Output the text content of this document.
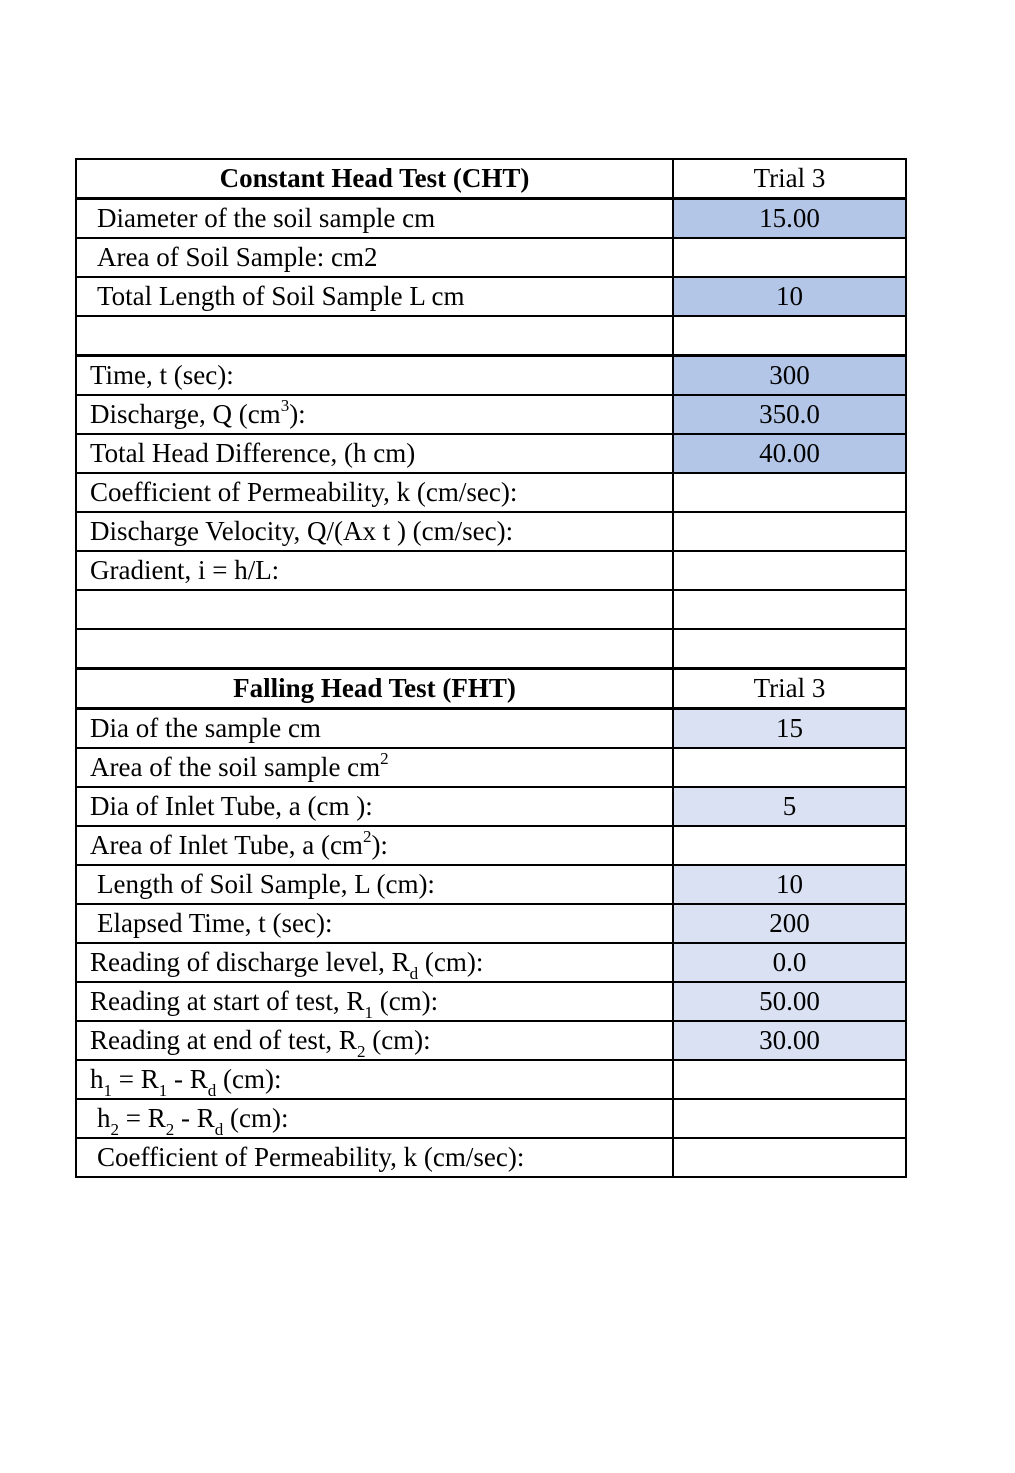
Constant Head Test (CHT)	Trial 3
Diameter of the soil sample cm	15.00
Area of Soil Sample: cm2	
Total Length of Soil Sample L cm	10

Time, t (sec):	300
Discharge, Q $(cm^3)$:	350.0
Total Head Difference, (h cm)	40.00
Coefficient of Permeability, k (cm/sec):	
Discharge Velocity, Q/(Ax t ) (cm/sec):	
Gradient, i = h/L:	

Falling Head Test (FHT)	Trial 3
Dia of the sample cm	15
Area of the soil sample $cm^2$	
Dia of Inlet Tube, a (cm ):	5
Area of Inlet Tube, a $(cm^2)$:	
Length of Soil Sample, L (cm):	10
Elapsed Time, t (sec):	200
Reading of discharge level, $R_d$ (cm):	0.0
Reading at start of test, $R_1$ (cm):	50.00
Reading at end of test, $R_2$ (cm):	30.00
$h_1 = R_1 - R_d$ (cm):	
$h_2 = R_2 - R_d$ (cm):	
Coefficient of Permeability, k (cm/sec):	
